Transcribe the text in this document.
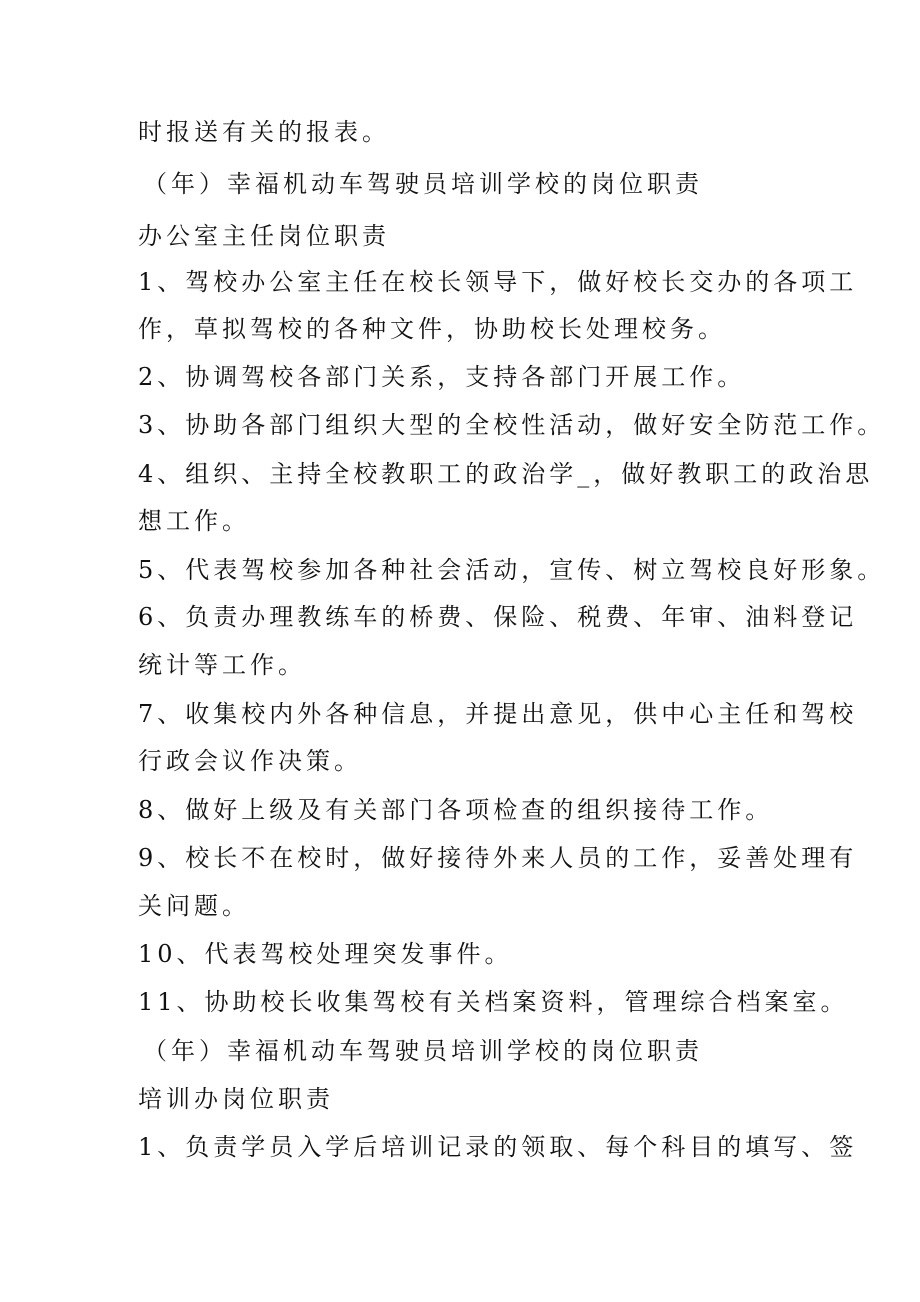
时报送有关的报表。
（年）幸福机动车驾驶员培训学校的岗位职责
办公室主任岗位职责
1、驾校办公室主任在校长领导下，做好校长交办的各项工
作，草拟驾校的各种文件，协助校长处理校务。
2、协调驾校各部门关系，支持各部门开展工作。
3、协助各部门组织大型的全校性活动，做好安全防范工作。
4、组织、主持全校教职工的政治学_，做好教职工的政治思
想工作。
5、代表驾校参加各种社会活动，宣传、树立驾校良好形象。
6、负责办理教练车的桥费、保险、税费、年审、油料登记
统计等工作。
7、收集校内外各种信息，并提出意见，供中心主任和驾校
行政会议作决策。
8、做好上级及有关部门各项检查的组织接待工作。
9、校长不在校时，做好接待外来人员的工作，妥善处理有
关问题。
10、代表驾校处理突发事件。
11、协助校长收集驾校有关档案资料，管理综合档案室。
（年）幸福机动车驾驶员培训学校的岗位职责
培训办岗位职责
1、负责学员入学后培训记录的领取、每个科目的填写、签
